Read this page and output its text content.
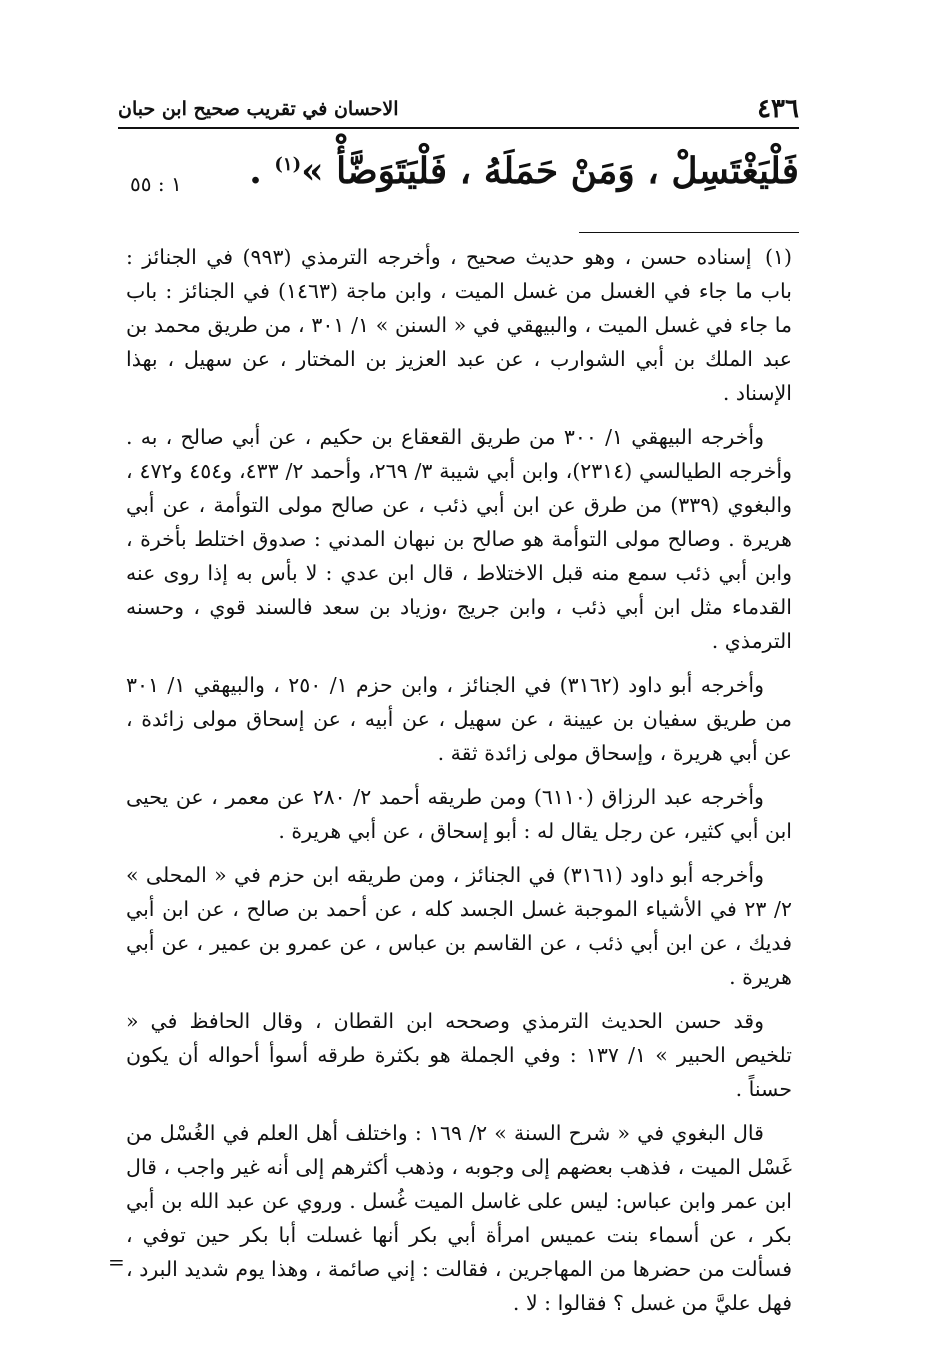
٤٣٦
الاحسان في تقريب صحيح ابن حبان
فَلْيَغْتَسِلْ ، وَمَنْ حَمَلَهُ ، فَلْيَتَوَضَّأْ »$^{(١)}$ .
١ : ٥٥

(١) إسناده حسن ، وهو حديث صحيح ، وأخرجه الترمذي (٩٩٣) في الجنائز : باب ما جاء في الغسل من غسل الميت ، وابن ماجة (١٤٦٣) في الجنائز : باب ما جاء في غسل الميت ، والبيهقي في « السنن » ١/ ٣٠١ ، من طريق محمد بن عبد الملك بن أبي الشوارب ، عن عبد العزيز بن المختار ، عن سهيل ، بهذا الإسناد .

وأخرجه البيهقي ١/ ٣٠٠ من طريق القعقاع بن حكيم ، عن أبي صالح ، به . وأخرجه الطيالسي (٢٣١٤)، وابن أبي شيبة ٣/ ٢٦٩، وأحمد ٢/ ٤٣٣، و٤٥٤ و٤٧٢ ، والبغوي (٣٣٩) من طرق عن ابن أبي ذئب ، عن صالح مولى التوأمة ، عن أبي هريرة . وصالح مولى التوأمة هو صالح بن نبهان المدني : صدوق اختلط بأخرة ، وابن أبي ذئب سمع منه قبل الاختلاط ، قال ابن عدي : لا بأس به إذا روى عنه القدماء مثل ابن أبي ذئب ، وابن جريج ،وزياد بن سعد فالسند قوي ، وحسنه الترمذي .

وأخرجه أبو داود (٣١٦٢) في الجنائز ، وابن حزم ١/ ٢٥٠ ، والبيهقي ١/ ٣٠١ من طريق سفيان بن عيينة ، عن سهيل ، عن أبيه ، عن إسحاق مولى زائدة ، عن أبي هريرة ، وإسحاق مولى زائدة ثقة .

وأخرجه عبد الرزاق (٦١١٠) ومن طريقه أحمد ٢/ ٢٨٠ عن معمر ، عن يحيى ابن أبي كثير، عن رجل يقال له : أبو إسحاق ، عن أبي هريرة .

وأخرجه أبو داود (٣١٦١) في الجنائز ، ومن طريقه ابن حزم في « المحلى » ٢/ ٢٣ في الأشياء الموجبة غسل الجسد كله ، عن أحمد بن صالح ، عن ابن أبي فديك ، عن ابن أبي ذئب ، عن القاسم بن عباس ، عن عمرو بن عمير ، عن أبي هريرة .

وقد حسن الحديث الترمذي وصححه ابن القطان ، وقال الحافظ في « تلخيص الحبير » ١/ ١٣٧ : وفي الجملة هو بكثرة طرقه أسوأ أحواله أن يكون حسناً .

قال البغوي في « شرح السنة » ٢/ ١٦٩ : واختلف أهل العلم في الغُسْل من غَسْل الميت ، فذهب بعضهم إلى وجوبه ، وذهب أكثرهم إلى أنه غير واجب ، قال ابن عمر وابن عباس: ليس على غاسل الميت غُسل . وروي عن عبد الله بن أبي بكر ، عن أسماء بنت عميس امرأة أبي بكر أنها غسلت أبا بكر حين توفي ، فسألت من حضرها من المهاجرين ، فقالت : إني صائمة ، وهذا يوم شديد البرد ، فهل عليَّ من غسل ؟ فقالوا : لا .

=
